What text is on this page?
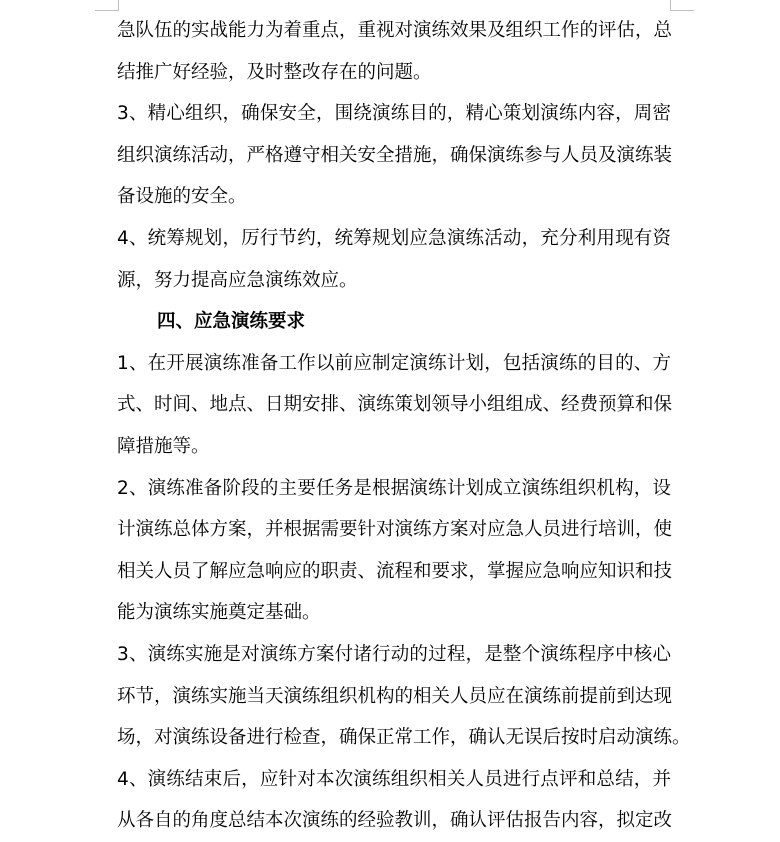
急队伍的实战能力为着重点，重视对演练效果及组织工作的评估，总
结推广好经验，及时整改存在的问题。
3、精心组织，确保安全，围绕演练目的，精心策划演练内容，周密
组织演练活动，严格遵守相关安全措施，确保演练参与人员及演练装
备设施的安全。
4、统筹规划，厉行节约，统筹规划应急演练活动，充分利用现有资
源，努力提高应急演练效应。
四、应急演练要求
1、在开展演练准备工作以前应制定演练计划，包括演练的目的、方
式、时间、地点、日期安排、演练策划领导小组组成、经费预算和保
障措施等。
2、演练准备阶段的主要任务是根据演练计划成立演练组织机构，设
计演练总体方案，并根据需要针对演练方案对应急人员进行培训，使
相关人员了解应急响应的职责、流程和要求，掌握应急响应知识和技
能为演练实施奠定基础。
3、演练实施是对演练方案付诸行动的过程，是整个演练程序中核心
环节，演练实施当天演练组织机构的相关人员应在演练前提前到达现
场，对演练设备进行检查，确保正常工作，确认无误后按时启动演练。
4、演练结束后，应针对本次演练组织相关人员进行点评和总结，并
从各自的角度总结本次演练的经验教训，确认评估报告内容，拟定改
